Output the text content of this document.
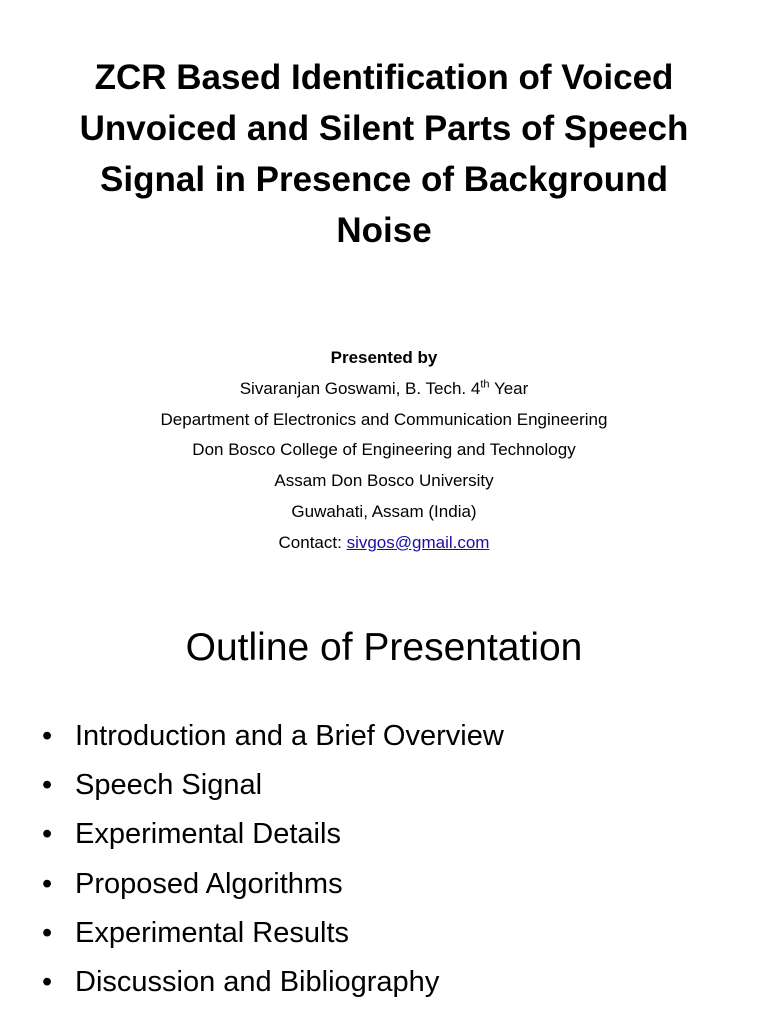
ZCR Based Identification of Voiced
Unvoiced and Silent Parts of Speech
Signal in Presence of Background
Noise
Presented by
Sivaranjan Goswami, B. Tech. 4th Year
Department of Electronics and Communication Engineering
Don Bosco College of Engineering and Technology
Assam Don Bosco University
Guwahati, Assam (India)
Contact: sivgos@gmail.com
Outline of Presentation
• Introduction and a Brief Overview
• Speech Signal
• Experimental Details
• Proposed Algorithms
• Experimental Results
• Discussion and Bibliography
